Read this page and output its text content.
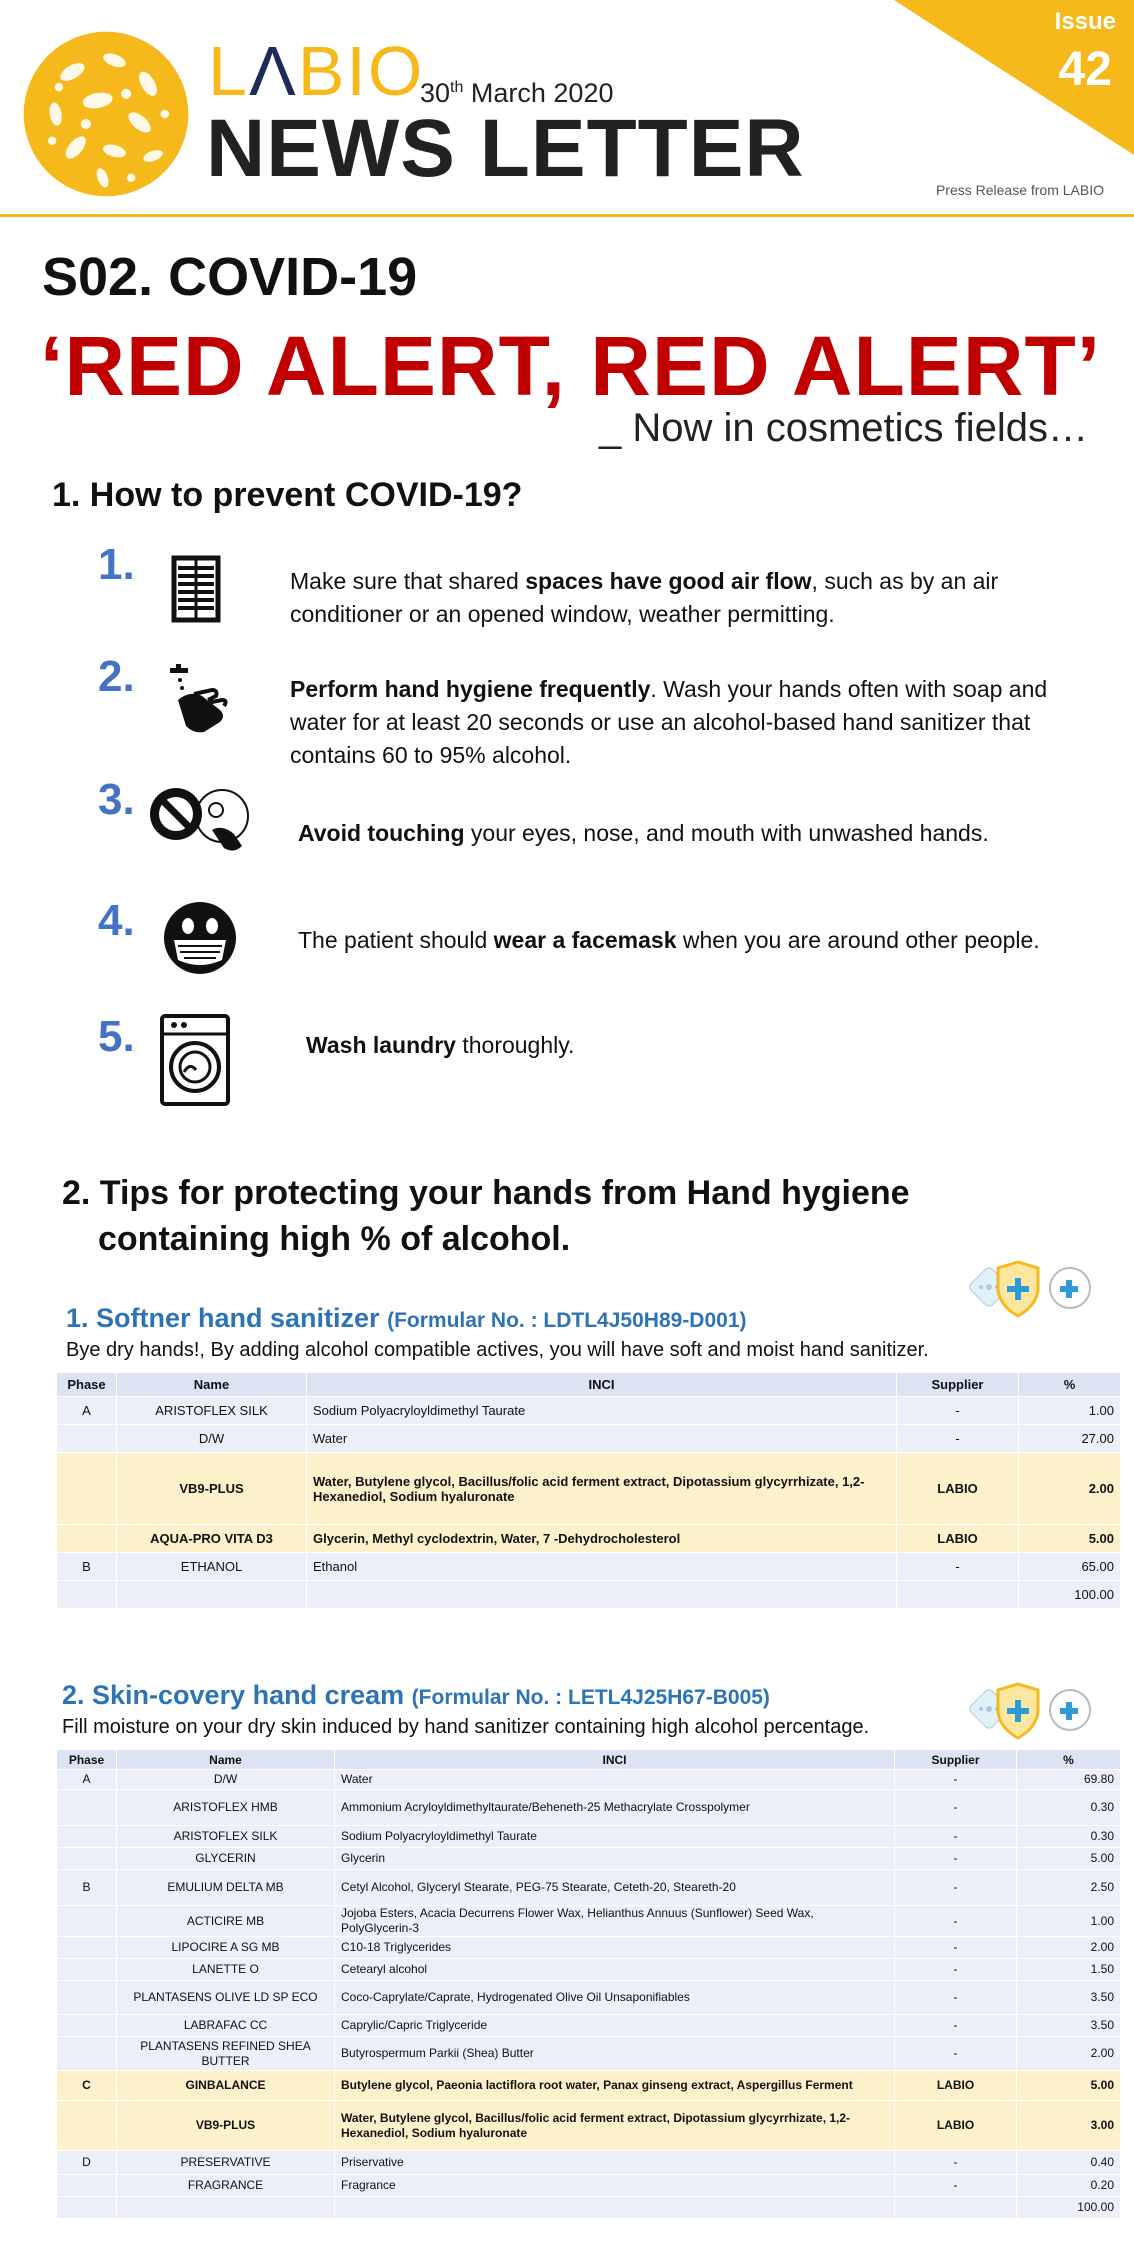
LΛBIO
30th March 2020
NEWS LETTER
Issue
42
Press Release from LABIO
S02. COVID-19
‘RED ALERT, RED ALERT’
_ Now in cosmetics fields…
1. How to prevent COVID-19?
1.	Make sure that shared spaces have good air flow, such as by an air conditioner or an opened window, weather permitting.
2.	Perform hand hygiene frequently. Wash your hands often with soap and water for at least 20 seconds or use an alcohol-based hand sanitizer that contains 60 to 95% alcohol.
3.
Avoid touching your eyes, nose, and mouth with unwashed hands.
4.	The patient should wear a facemask when you are around other people.
5.	Wash laundry thoroughly.
2. Tips for protecting your hands from Hand hygiene
containing high % of alcohol.
1. Softner hand sanitizer (Formular No. : LDTL4J50H89-D001)
Bye dry hands!, By adding alcohol compatible actives, you will have soft and moist hand sanitizer.
Phase	Name	INCI	Supplier	%
A	ARISTOFLEX SILK	Sodium Polyacryloyldimethyl Taurate	-	1.00
	D/W	Water	-	27.00
	VB9-PLUS	Water, Butylene glycol, Bacillus/folic acid ferment extract, Dipotassium glycyrrhizate, 1,2-Hexanediol, Sodium hyaluronate	LABIO	2.00
	AQUA-PRO VITA D3	Glycerin, Methyl cyclodextrin, Water, 7 -Dehydrocholesterol	LABIO	5.00
B	ETHANOL	Ethanol	-	65.00
				100.00
2. Skin-covery hand cream (Formular No. : LETL4J25H67-B005)
Fill moisture on your dry skin induced by hand sanitizer containing high alcohol percentage.
Phase	Name	INCI	Supplier	%
A	D/W	Water	-	69.80
	ARISTOFLEX HMB	Ammonium Acryloyldimethyltaurate/Beheneth-25 Methacrylate Crosspolymer	-	0.30
	ARISTOFLEX SILK	Sodium Polyacryloyldimethyl Taurate	-	0.30
	GLYCERIN	Glycerin	-	5.00
B	EMULIUM DELTA MB	Cetyl Alcohol, Glyceryl Stearate, PEG-75 Stearate, Ceteth-20, Steareth-20	-	2.50
	ACTICIRE MB	Jojoba Esters, Acacia Decurrens Flower Wax, Helianthus Annuus (Sunflower) Seed Wax, PolyGlycerin-3	-	1.00
	LIPOCIRE A SG MB	C10-18 Triglycerides	-	2.00
	LANETTE O	Cetearyl alcohol	-	1.50
	PLANTASENS OLIVE LD SP ECO	Coco-Caprylate/Caprate, Hydrogenated Olive Oil Unsaponifiables	-	3.50
	LABRAFAC CC	Caprylic/Capric Triglyceride	-	3.50
	PLANTASENS REFINED SHEA BUTTER	Butyrospermum Parkii (Shea) Butter	-	2.00
C	GINBALANCE	Butylene glycol, Paeonia lactiflora root water, Panax ginseng extract, Aspergillus Ferment	LABIO	5.00
	VB9-PLUS	Water, Butylene glycol, Bacillus/folic acid ferment extract, Dipotassium glycyrrhizate, 1,2-Hexanediol, Sodium hyaluronate	LABIO	3.00
D	PRESERVATIVE	Priservative	-	0.40
	FRAGRANCE	Fragrance	-	0.20
				100.00
